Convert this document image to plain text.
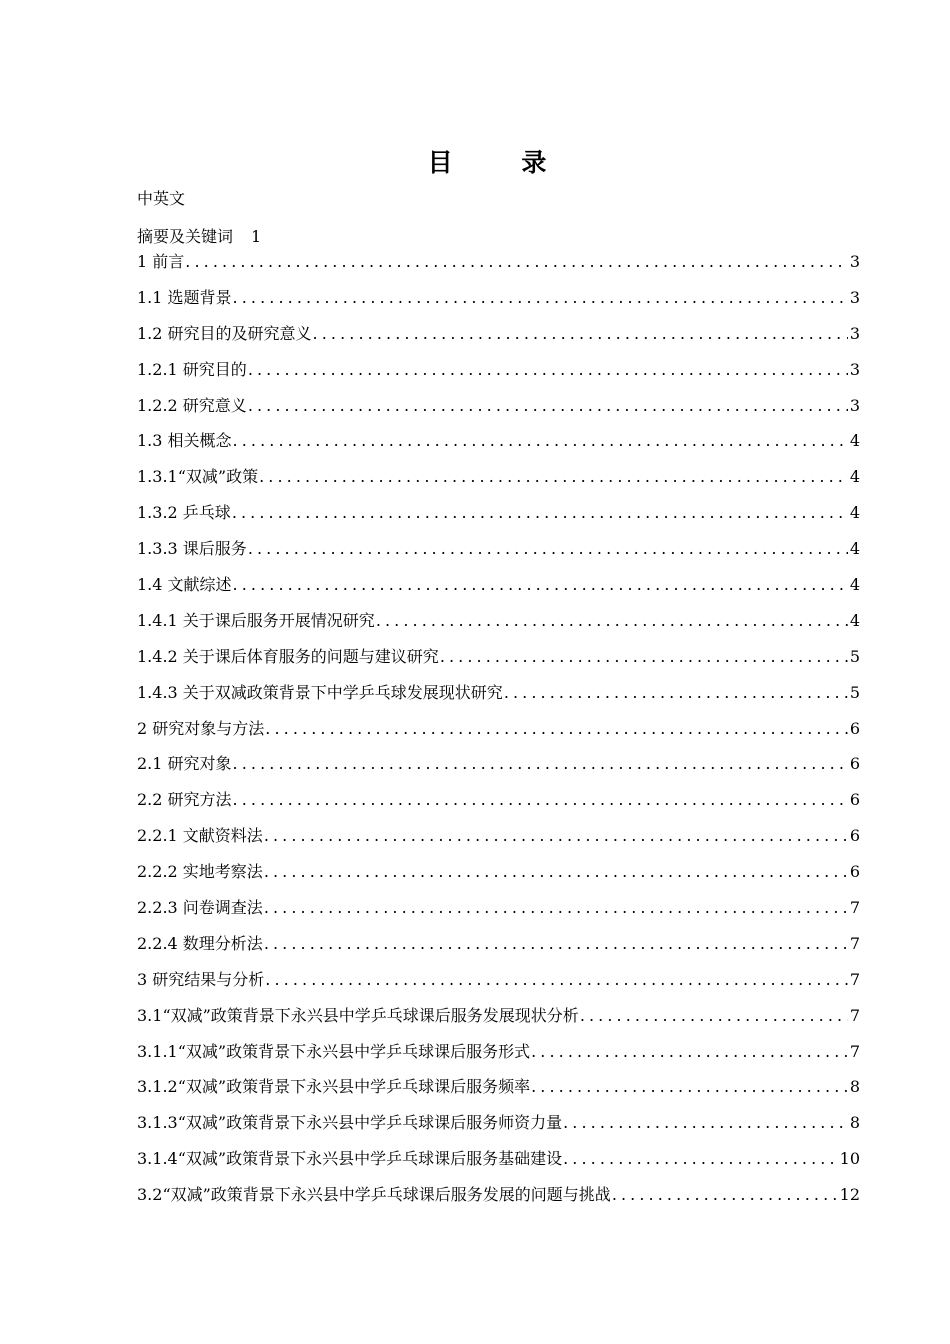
目 录
中英文
摘要及关键词 1
1 前言 .....	3
1.1 选题背景 .....	3
1.2 研究目的及研究意义 .....	3
1.2.1 研究目的 .....	3
1.2.2 研究意义 .....	3
1.3 相关概念 .....	4
1.3.1“双减”政策 .....	4
1.3.2 乒乓球 .....	4
1.3.3 课后服务 .....	4
1.4 文献综述 .....	4
1.4.1 关于课后服务开展情况研究 .....	4
1.4.2 关于课后体育服务的问题与建议研究 .....	5
1.4.3 关于双减政策背景下中学乒乓球发展现状研究 .....	5
2 研究对象与方法 .....	6
2.1 研究对象 .....	6
2.2 研究方法 .....	6
2.2.1 文献资料法 .....	6
2.2.2 实地考察法 .....	6
2.2.3 问卷调查法 .....	7
2.2.4 数理分析法 .....	7
3 研究结果与分析 .....	7
3.1“双减”政策背景下永兴县中学乒乓球课后服务发展现状分析 .....	7
3.1.1“双减”政策背景下永兴县中学乒乓球课后服务形式 .....	7
3.1.2“双减”政策背景下永兴县中学乒乓球课后服务频率 .....	8
3.1.3“双减”政策背景下永兴县中学乒乓球课后服务师资力量 .....	8
3.1.4“双减”政策背景下永兴县中学乒乓球课后服务基础建设 .....	10
3.2“双减”政策背景下永兴县中学乒乓球课后服务发展的问题与挑战 .....	12
